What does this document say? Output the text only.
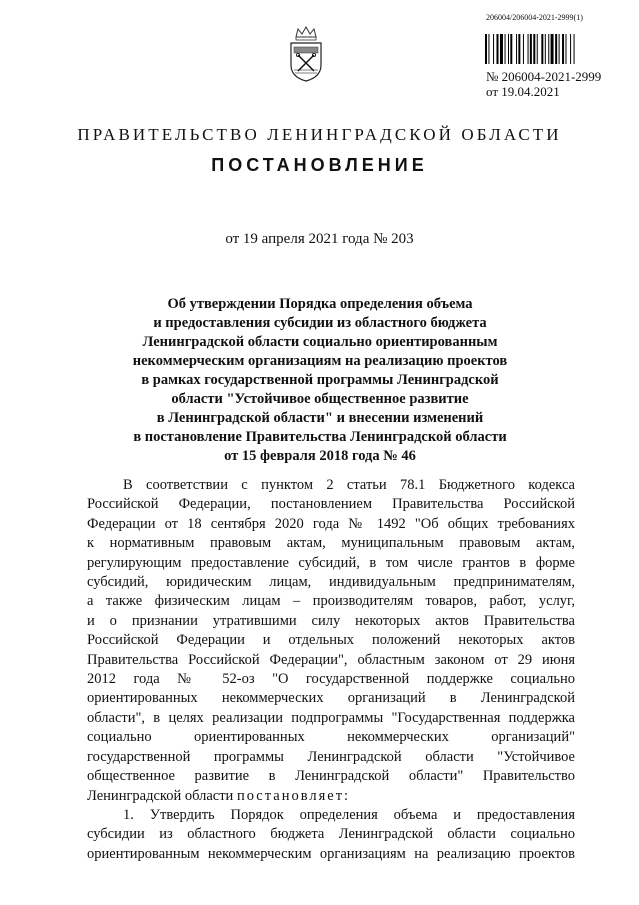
206004/206004-2021-2999(1)
№ 206004-2021-2999
от 19.04.2021
ПРАВИТЕЛЬСТВО ЛЕНИНГРАДСКОЙ ОБЛАСТИ
ПОСТАНОВЛЕНИЕ
от 19 апреля 2021 года № 203
Об утверждении Порядка определения объема
и предоставления субсидии из областного бюджета
Ленинградской области социально ориентированным
некоммерческим организациям на реализацию проектов
в рамках государственной программы Ленинградской
области "Устойчивое общественное развитие
в Ленинградской области" и внесении изменений
в постановление Правительства Ленинградской области
от 15 февраля 2018 года № 46
В соответствии с пунктом 2 статьи 78.1 Бюджетного кодекса
Российской Федерации, постановлением Правительства Российской
Федерации от 18 сентября 2020 года № 1492 "Об общих требованиях
к нормативным правовым актам, муниципальным правовым актам,
регулирующим предоставление субсидий, в том числе грантов в форме
субсидий, юридическим лицам, индивидуальным предпринимателям,
а также физическим лицам – производителям товаров, работ, услуг,
и о признании утратившими силу некоторых актов Правительства
Российской Федерации и отдельных положений некоторых актов
Правительства Российской Федерации", областным законом от 29 июня
2012 года № 52-оз "О государственной поддержке социально
ориентированных некоммерческих организаций в Ленинградской
области", в целях реализации подпрограммы "Государственная поддержка
социально ориентированных некоммерческих организаций"
государственной программы Ленинградской области "Устойчивое
общественное развитие в Ленинградской области" Правительство
Ленинградской области постановляет:
1. Утвердить Порядок определения объема и предоставления
субсидии из областного бюджета Ленинградской области социально
ориентированным некоммерческим организациям на реализацию проектов
